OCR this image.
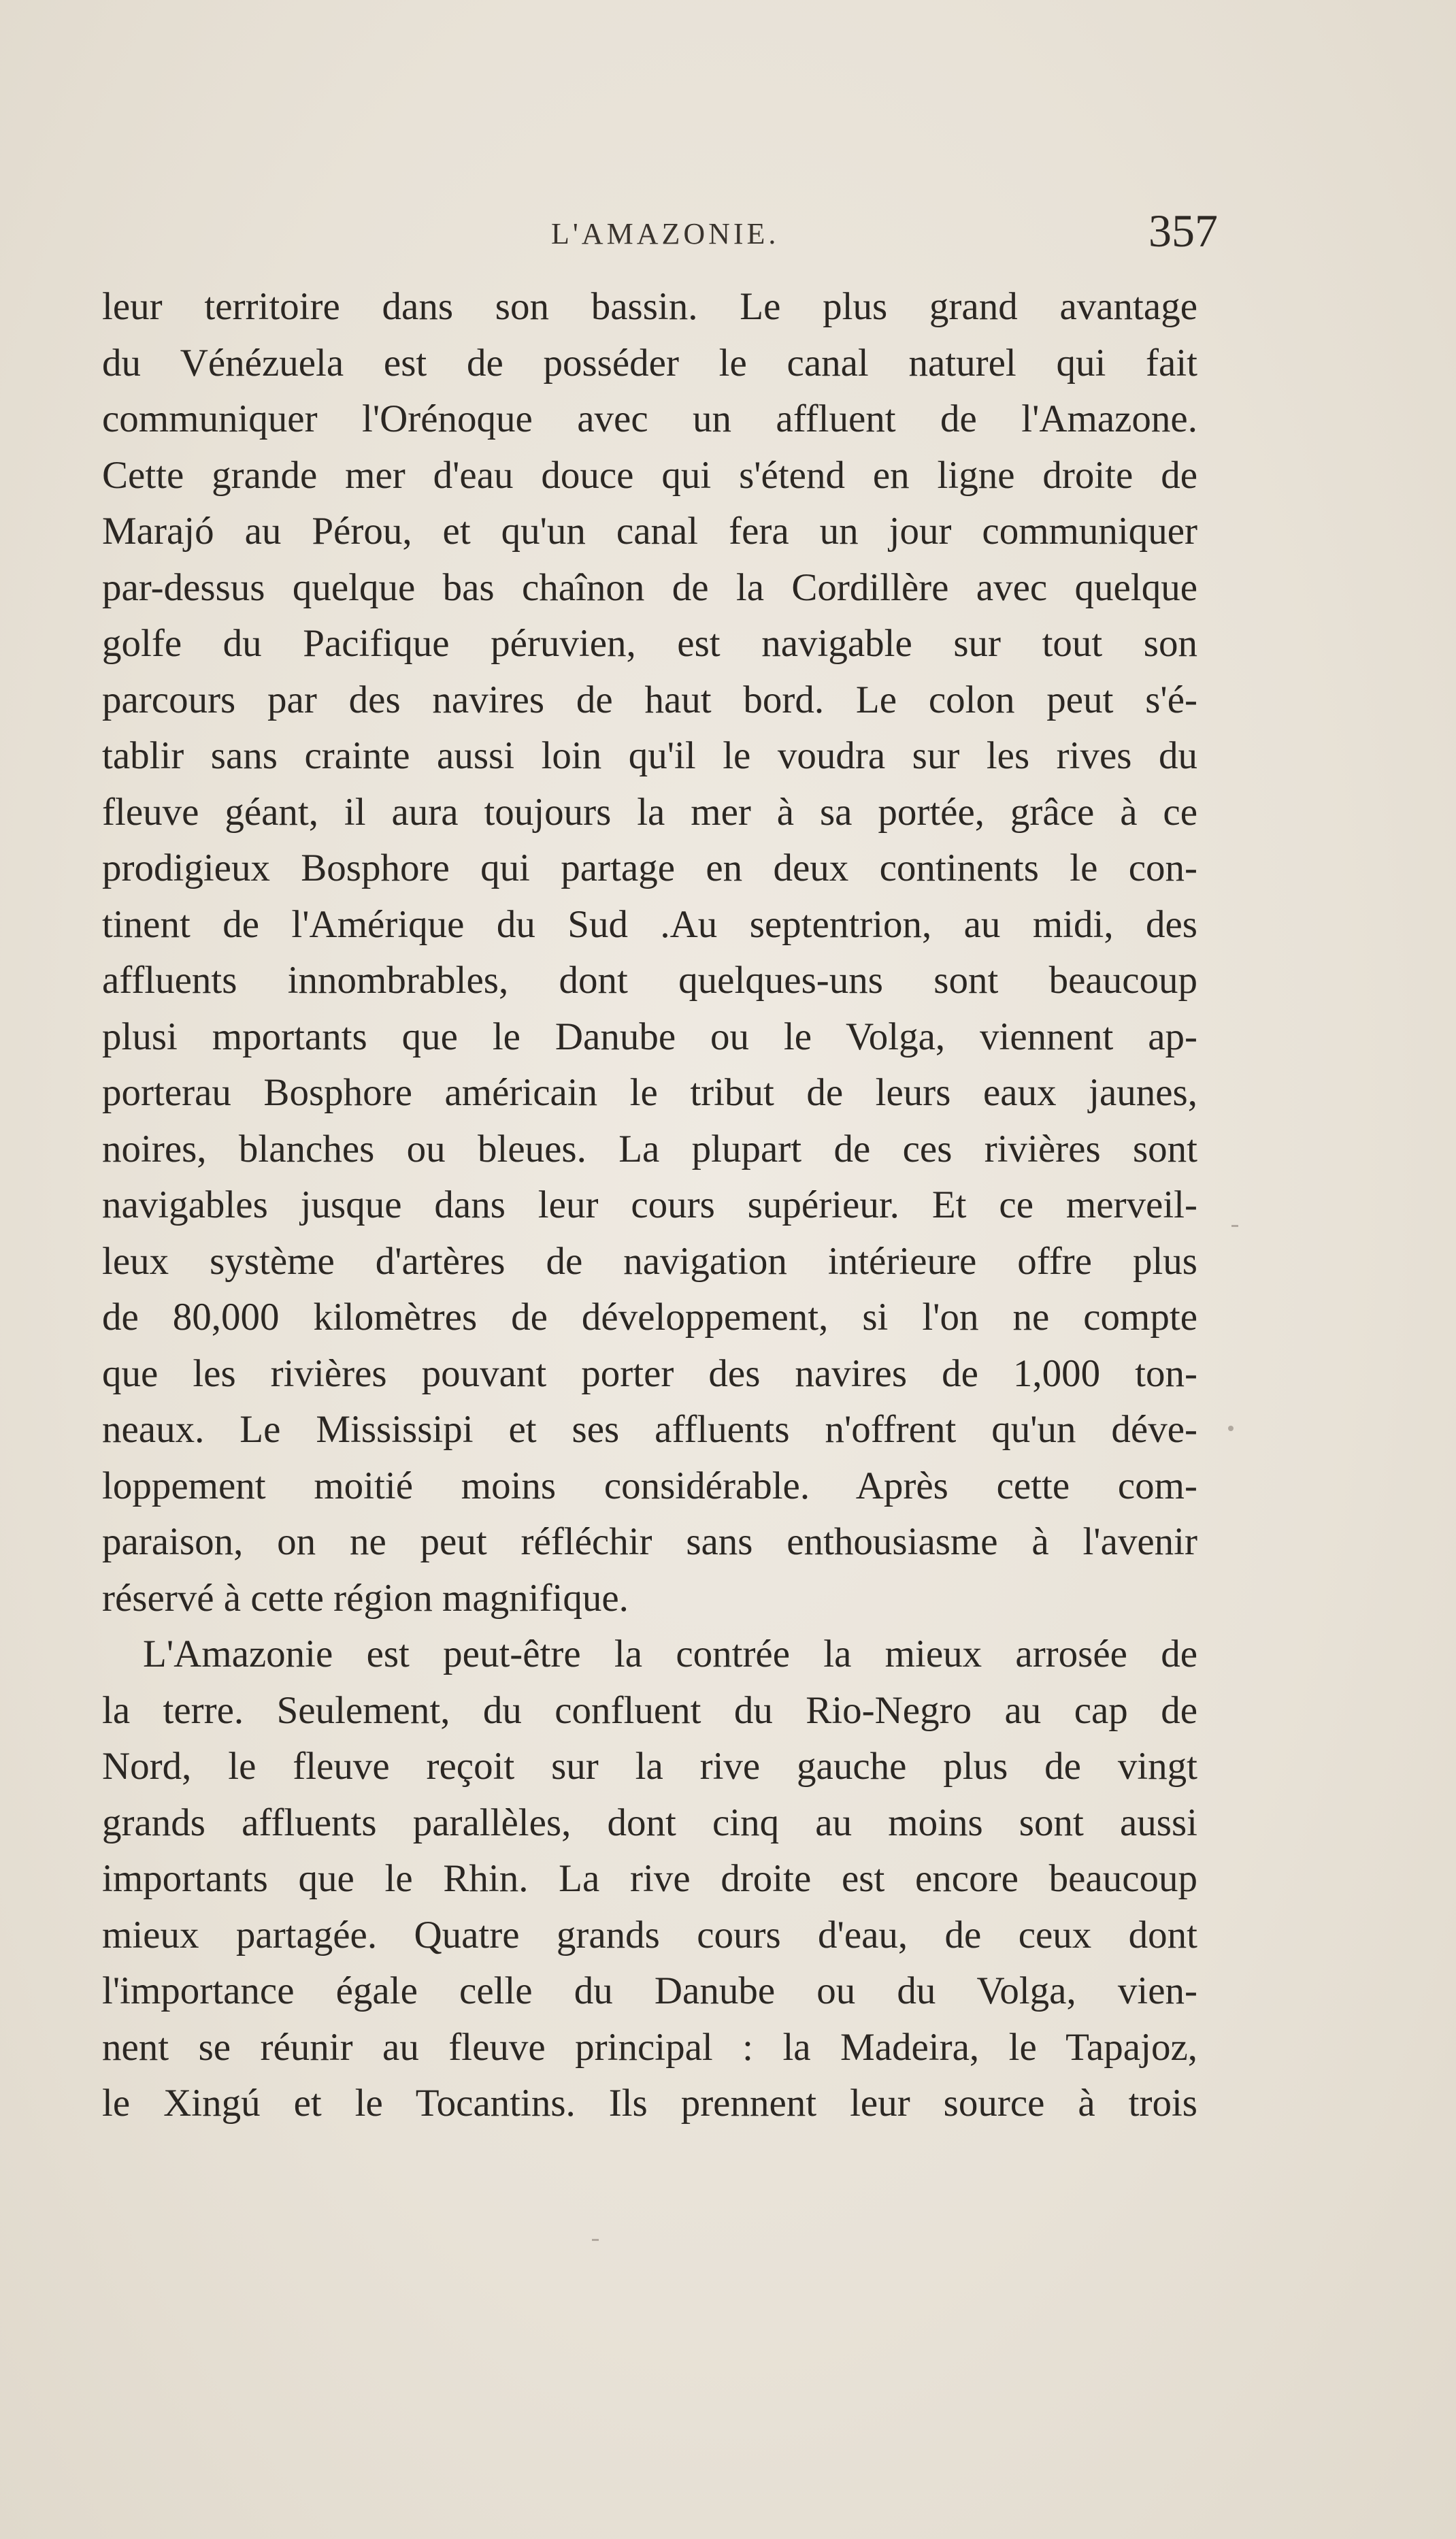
L'AMAZONIE.	357
leur territoire dans son bassin. Le plus grand avantage
du Vénézuela est de posséder le canal naturel qui fait
communiquer l'Orénoque avec un affluent de l'Amazone.
Cette grande mer d'eau douce qui s'étend en ligne droite de
Marajó au Pérou, et qu'un canal fera un jour communiquer
par-dessus quelque bas chaînon de la Cordillère avec quelque
golfe du Pacifique péruvien, est navigable sur tout son
parcours par des navires de haut bord. Le colon peut s'é-
tablir sans crainte aussi loin qu'il le voudra sur les rives du
fleuve géant, il aura toujours la mer à sa portée, grâce à ce
prodigieux Bosphore qui partage en deux continents le con-
tinent de l'Amérique du Sud .Au septentrion, au midi, des
affluents innombrables, dont quelques-uns sont beaucoup
plusi mportants que le Danube ou le Volga, viennent ap-
porterau Bosphore américain le tribut de leurs eaux jaunes,
noires, blanches ou bleues. La plupart de ces rivières sont
navigables jusque dans leur cours supérieur. Et ce merveil-
leux système d'artères de navigation intérieure offre plus
de 80,000 kilomètres de développement, si l'on ne compte
que les rivières pouvant porter des navires de 1,000 ton-
neaux. Le Mississipi et ses affluents n'offrent qu'un déve-
loppement moitié moins considérable. Après cette com-
paraison, on ne peut réfléchir sans enthousiasme à l'avenir
réservé à cette région magnifique.
L'Amazonie est peut-être la contrée la mieux arrosée de
la terre. Seulement, du confluent du Rio-Negro au cap de
Nord, le fleuve reçoit sur la rive gauche plus de vingt
grands affluents parallèles, dont cinq au moins sont aussi
importants que le Rhin. La rive droite est encore beaucoup
mieux partagée. Quatre grands cours d'eau, de ceux dont
l'importance égale celle du Danube ou du Volga, vien-
nent se réunir au fleuve principal : la Madeira, le Tapajoz,
le Xingú et le Tocantins. Ils prennent leur source à trois
